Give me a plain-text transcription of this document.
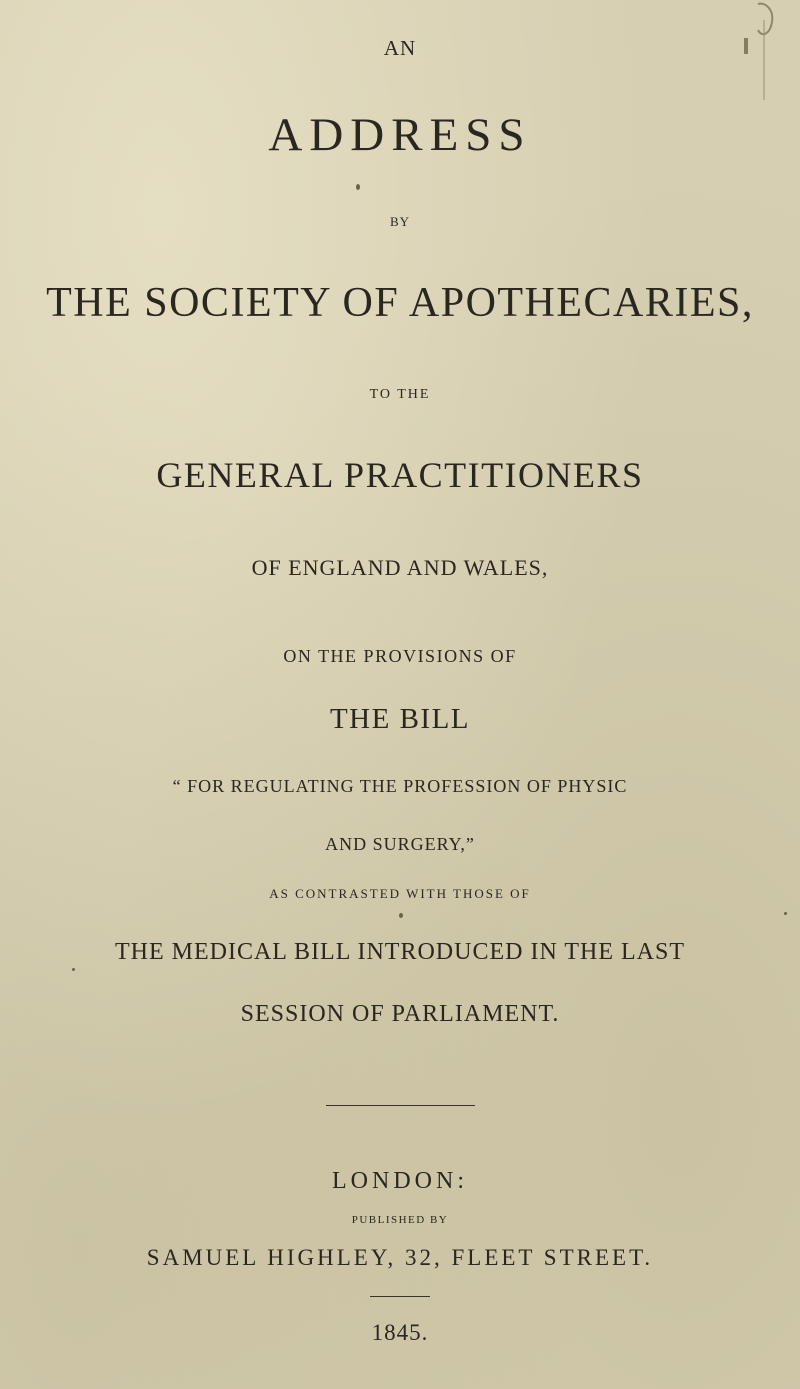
AN
ADDRESS
BY
THE SOCIETY OF APOTHECARIES,
TO THE
GENERAL PRACTITIONERS
OF ENGLAND AND WALES,
ON THE PROVISIONS OF
THE BILL
“ FOR REGULATING THE PROFESSION OF PHYSIC
AND SURGERY,”
AS CONTRASTED WITH THOSE OF
THE MEDICAL BILL INTRODUCED IN THE LAST
SESSION OF PARLIAMENT.
LONDON:
PUBLISHED BY
SAMUEL HIGHLEY, 32, FLEET STREET.
1845.
